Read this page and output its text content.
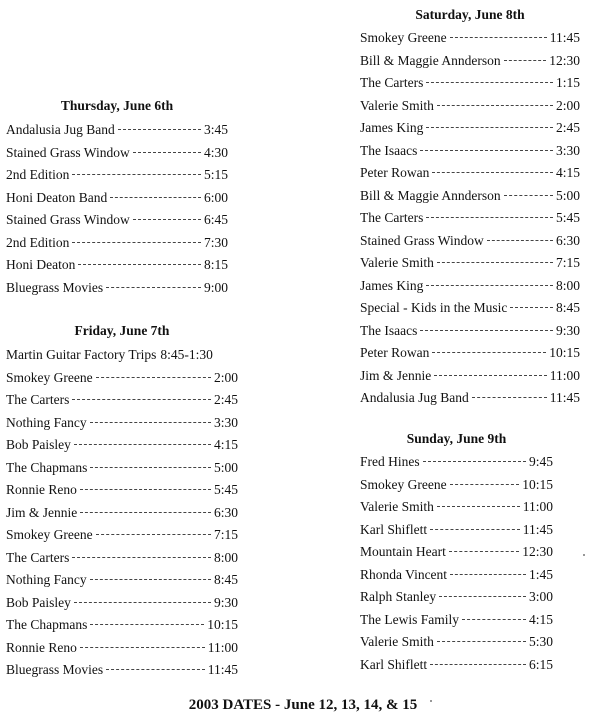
Thursday, June 6th
Andalusia Jug Band	3:45
Stained Grass Window	4:30
2nd Edition	5:15
Honi Deaton Band	6:00
Stained Grass Window	6:45
2nd Edition	7:30
Honi Deaton	8:15
Bluegrass Movies	9:00
Friday, June 7th
Martin Guitar Factory Trips 8:45-1:30
Smokey Greene	2:00
The Carters	2:45
Nothing Fancy	3:30
Bob Paisley	4:15
The Chapmans	5:00
Ronnie Reno	5:45
Jim & Jennie	6:30
Smokey Greene	7:15
The Carters	8:00
Nothing Fancy	8:45
Bob Paisley	9:30
The Chapmans	10:15
Ronnie Reno	11:00
Bluegrass Movies	11:45
Saturday, June 8th
Smokey Greene	11:45
Bill & Maggie Annderson	12:30
The Carters	1:15
Valerie Smith	2:00
James King	2:45
The Isaacs	3:30
Peter Rowan	4:15
Bill & Maggie Annderson	5:00
The Carters	5:45
Stained Grass Window	6:30
Valerie Smith	7:15
James King	8:00
Special - Kids in the Music	8:45
The Isaacs	9:30
Peter Rowan	10:15
Jim & Jennie	11:00
Andalusia Jug Band	11:45
Sunday, June 9th
Fred Hines	9:45
Smokey Greene	10:15
Valerie Smith	11:00
Karl Shiflett	11:45
Mountain Heart	12:30
Rhonda Vincent	1:45
Ralph Stanley	3:00
The Lewis Family	4:15
Valerie Smith	5:30
Karl Shiflett	6:15
2003 DATES - June 12, 13, 14, & 15
